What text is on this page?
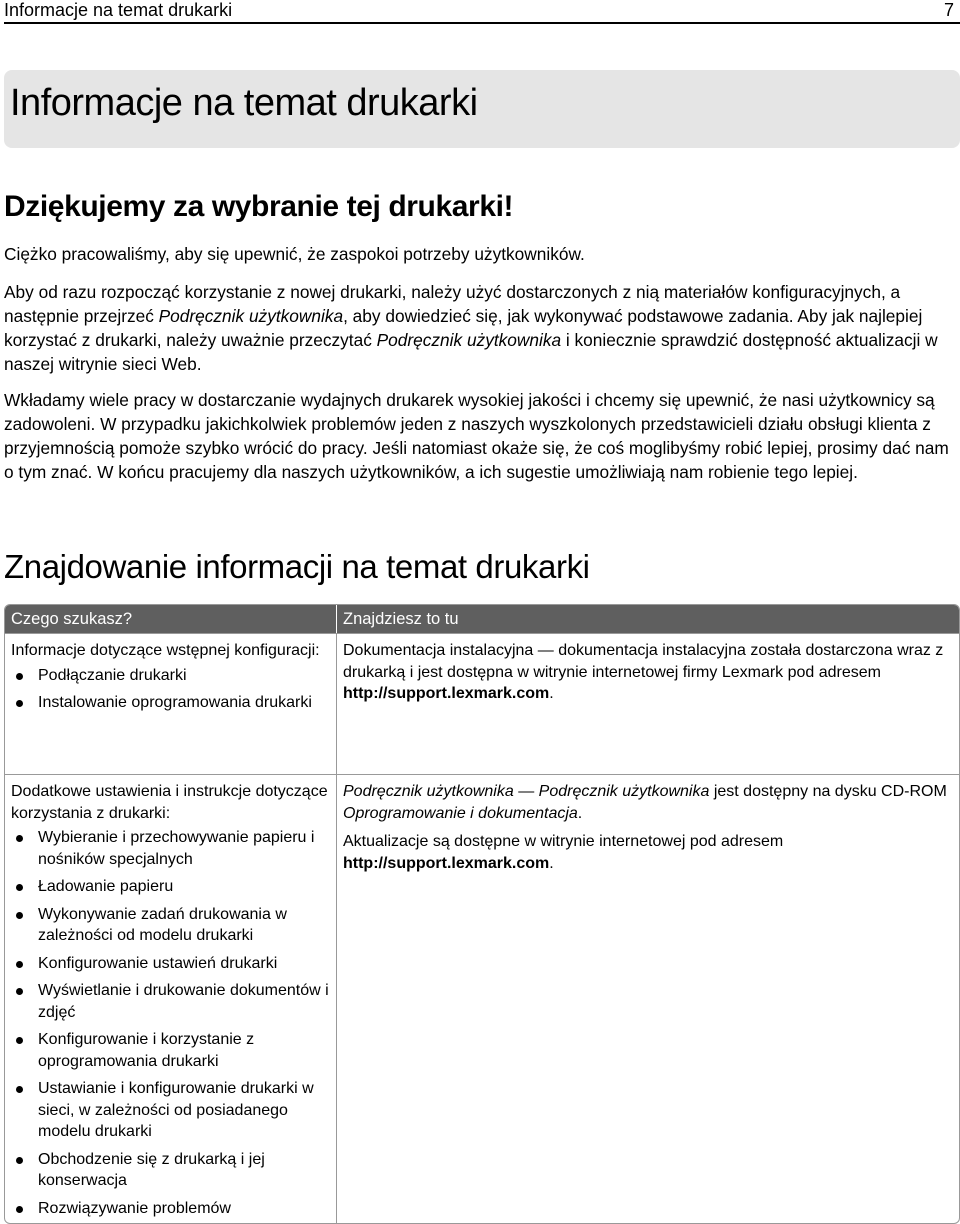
Informacje na temat drukarki	7
Informacje na temat drukarki
Dziękujemy za wybranie tej drukarki!

Ciężko pracowaliśmy, aby się upewnić, że zaspokoi potrzeby użytkowników.

Aby od razu rozpocząć korzystanie z nowej drukarki, należy użyć dostarczonych z nią materiałów konfiguracyjnych, a następnie przejrzeć Podręcznik użytkownika, aby dowiedzieć się, jak wykonywać podstawowe zadania. Aby jak najlepiej korzystać z drukarki, należy uważnie przeczytać Podręcznik użytkownika i koniecznie sprawdzić dostępność aktualizacji w naszej witrynie sieci Web.

Wkładamy wiele pracy w dostarczanie wydajnych drukarek wysokiej jakości i chcemy się upewnić, że nasi użytkownicy są zadowoleni. W przypadku jakichkolwiek problemów jeden z naszych wyszkolonych przedstawicieli działu obsługi klienta z przyjemnością pomoże szybko wrócić do pracy. Jeśli natomiast okaże się, że coś moglibyśmy robić lepiej, prosimy dać nam o tym znać. W końcu pracujemy dla naszych użytkowników, a ich sugestie umożliwiają nam robienie tego lepiej.

Znajdowanie informacji na temat drukarki
Czego szukasz?	Znajdziesz to tu
Informacje dotyczące wstępnej konfiguracji:
Podłączanie drukarki
Instalowanie oprogramowania drukarki

Dokumentacja instalacyjna — dokumentacja instalacyjna została dostarczona wraz z drukarką i jest dostępna w witrynie internetowej firmy Lexmark pod adresem http://support.lexmark.com.

Dodatkowe ustawienia i instrukcje dotyczące korzystania z drukarki:
Wybieranie i przechowywanie papieru i nośników specjalnych
Ładowanie papieru
Wykonywanie zadań drukowania w zależności od modelu drukarki
Konfigurowanie ustawień drukarki
Wyświetlanie i drukowanie dokumentów i zdjęć
Konfigurowanie i korzystanie z oprogramowania drukarki
Ustawianie i konfigurowanie drukarki w sieci, w zależności od posiadanego modelu drukarki
Obchodzenie się z drukarką i jej konserwacja
Rozwiązywanie problemów

Podręcznik użytkownika — Podręcznik użytkownika jest dostępny na dysku CD-ROM Oprogramowanie i dokumentacja.

Aktualizacje są dostępne w witrynie internetowej pod adresem http://support.lexmark.com.
